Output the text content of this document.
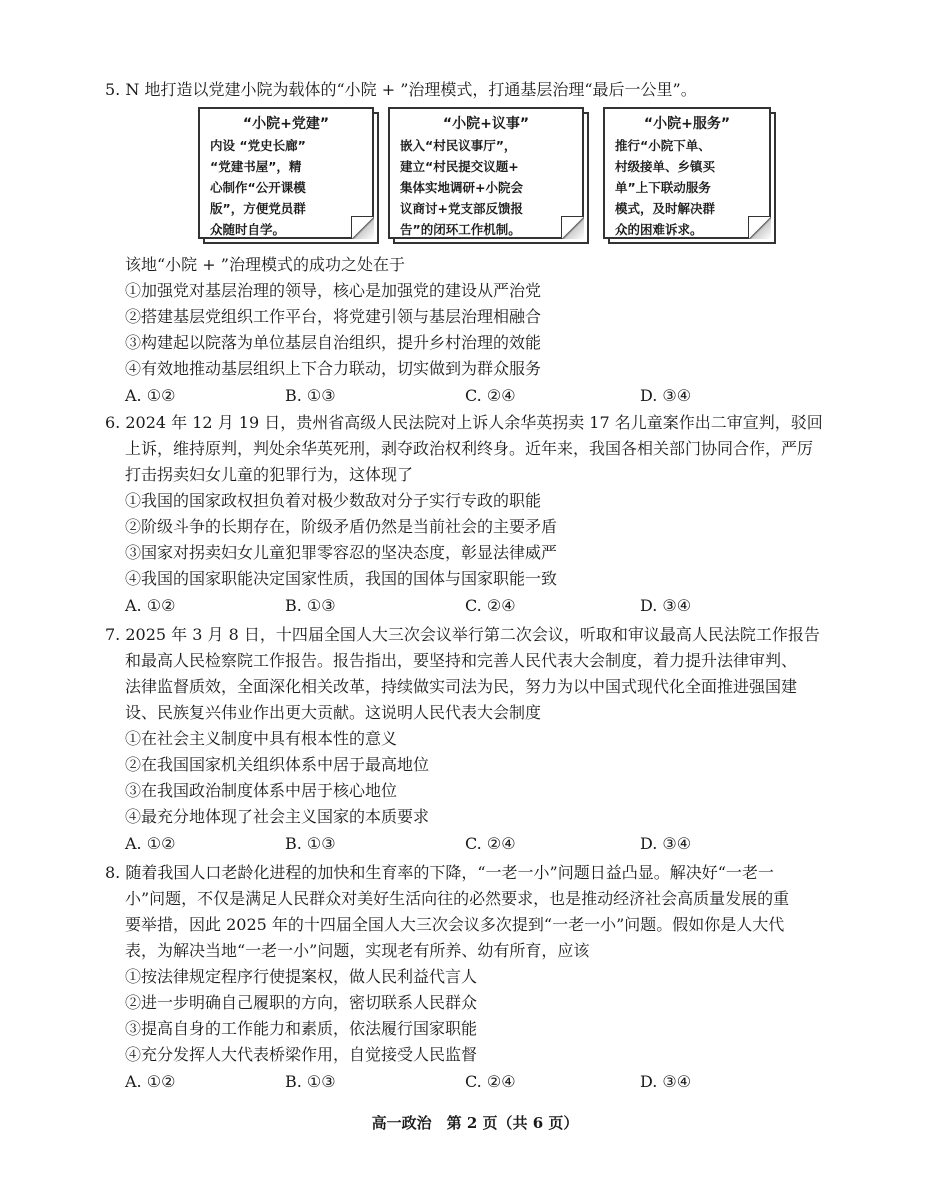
5. N 地打造以党建小院为载体的“小院 + ”治理模式，打通基层治理“最后一公里”。
“小院+党建”
内设 “党史长廊”
“党建书屋”，精
心制作“公开课模
版”，方便党员群
众随时自学。
“小院+议事”
嵌入“村民议事厅”，
建立“村民提交议题+
集体实地调研+小院会
议商讨+党支部反馈报
告”的闭环工作机制。
“小院+服务”
推行“小院下单、
村级接单、乡镇买
单”上下联动服务
模式，及时解决群
众的困难诉求。
该地“小院 + ”治理模式的成功之处在于
①加强党对基层治理的领导，核心是加强党的建设从严治党
②搭建基层党组织工作平台，将党建引领与基层治理相融合
③构建起以院落为单位基层自治组织，提升乡村治理的效能
④有效地推动基层组织上下合力联动，切实做到为群众服务
A. ①②	B. ①③	C. ②④	D. ③④
6. 2024 年 12 月 19 日，贵州省高级人民法院对上诉人余华英拐卖 17 名儿童案作出二审宣判，驳回
上诉，维持原判，判处余华英死刑，剥夺政治权利终身。近年来，我国各相关部门协同合作，严厉
打击拐卖妇女儿童的犯罪行为，这体现了
①我国的国家政权担负着对极少数敌对分子实行专政的职能
②阶级斗争的长期存在，阶级矛盾仍然是当前社会的主要矛盾
③国家对拐卖妇女儿童犯罪零容忍的坚决态度，彰显法律威严
④我国的国家职能决定国家性质，我国的国体与国家职能一致
A. ①②	B. ①③	C. ②④	D. ③④
7. 2025 年 3 月 8 日，十四届全国人大三次会议举行第二次会议，听取和审议最高人民法院工作报告
和最高人民检察院工作报告。报告指出，要坚持和完善人民代表大会制度，着力提升法律审判、
法律监督质效，全面深化相关改革，持续做实司法为民，努力为以中国式现代化全面推进强国建
设、民族复兴伟业作出更大贡献。这说明人民代表大会制度
①在社会主义制度中具有根本性的意义
②在我国国家机关组织体系中居于最高地位
③在我国政治制度体系中居于核心地位
④最充分地体现了社会主义国家的本质要求
A. ①②	B. ①③	C. ②④	D. ③④
8. 随着我国人口老龄化进程的加快和生育率的下降，“一老一小”问题日益凸显。解决好“一老一
小”问题，不仅是满足人民群众对美好生活向往的必然要求，也是推动经济社会高质量发展的重
要举措，因此 2025 年的十四届全国人大三次会议多次提到“一老一小”问题。假如你是人大代
表，为解决当地“一老一小”问题，实现老有所养、幼有所育，应该
①按法律规定程序行使提案权，做人民利益代言人
②进一步明确自己履职的方向，密切联系人民群众
③提高自身的工作能力和素质，依法履行国家职能
④充分发挥人大代表桥梁作用，自觉接受人民监督
A. ①②	B. ①③	C. ②④	D. ③④
高一政治　第 2 页（共 6 页）
